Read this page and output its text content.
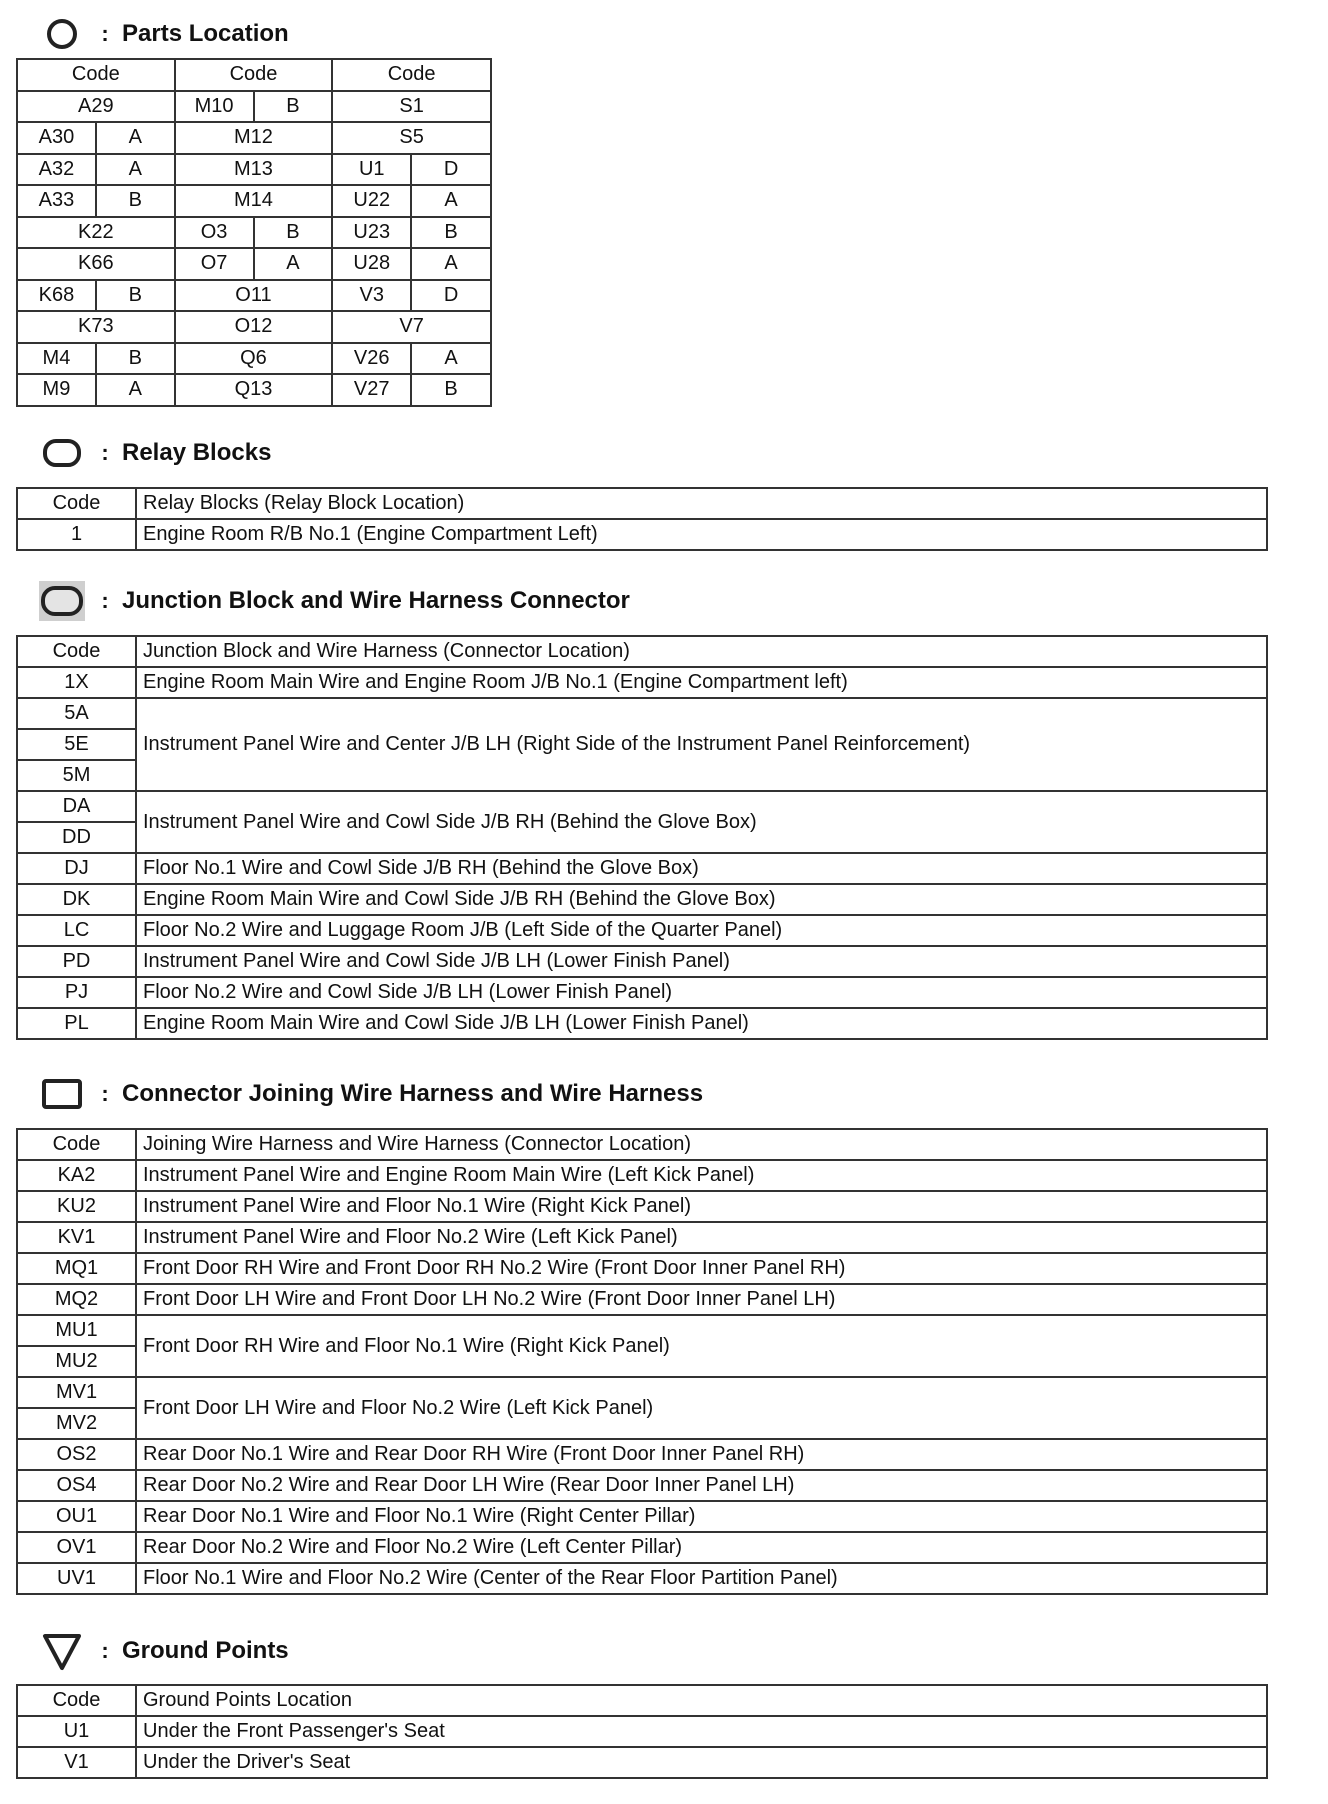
: Parts Location
Code		Code		Code	
A29		M10	B	S1	
A30	A	M12		S5	
A32	A	M13		U1	D
A33	B	M14		U22	A
K22		O3	B	U23	B
K66		O7	A	U28	A
K68	B	O11		V3	D
K73		O12		V7	
M4	B	Q6		V26	A
M9	A	Q13		V27	B
: Relay Blocks
Code	Relay Blocks (Relay Block Location)
1	Engine Room R/B No.1 (Engine Compartment Left)
: Junction Block and Wire Harness Connector
Code	Junction Block and Wire Harness (Connector Location)
1X	Engine Room Main Wire and Engine Room J/B No.1 (Engine Compartment left)
5A	Instrument Panel Wire and Center J/B LH (Right Side of the Instrument Panel Reinforcement)
5E	
5M	
DA	Instrument Panel Wire and Cowl Side J/B RH (Behind the Glove Box)
DD	
DJ	Floor No.1 Wire and Cowl Side J/B RH (Behind the Glove Box)
DK	Engine Room Main Wire and Cowl Side J/B RH (Behind the Glove Box)
LC	Floor No.2 Wire and Luggage Room J/B (Left Side of the Quarter Panel)
PD	Instrument Panel Wire and Cowl Side J/B LH (Lower Finish Panel)
PJ	Floor No.2 Wire and Cowl Side J/B LH (Lower Finish Panel)
PL	Engine Room Main Wire and Cowl Side J/B LH (Lower Finish Panel)
: Connector Joining Wire Harness and Wire Harness
Code	Joining Wire Harness and Wire Harness (Connector Location)
KA2	Instrument Panel Wire and Engine Room Main Wire (Left Kick Panel)
KU2	Instrument Panel Wire and Floor No.1 Wire (Right Kick Panel)
KV1	Instrument Panel Wire and Floor No.2 Wire (Left Kick Panel)
MQ1	Front Door RH Wire and Front Door RH No.2 Wire (Front Door Inner Panel RH)
MQ2	Front Door LH Wire and Front Door LH No.2 Wire (Front Door Inner Panel LH)
MU1	Front Door RH Wire and Floor No.1 Wire (Right Kick Panel)
MU2	
MV1	Front Door LH Wire and Floor No.2 Wire (Left Kick Panel)
MV2	
OS2	Rear Door No.1 Wire and Rear Door RH Wire (Front Door Inner Panel RH)
OS4	Rear Door No.2 Wire and Rear Door LH Wire (Rear Door Inner Panel LH)
OU1	Rear Door No.1 Wire and Floor No.1 Wire (Right Center Pillar)
OV1	Rear Door No.2 Wire and Floor No.2 Wire (Left Center Pillar)
UV1	Floor No.1 Wire and Floor No.2 Wire (Center of the Rear Floor Partition Panel)
: Ground Points
Code	Ground Points Location
U1	Under the Front Passenger's Seat
V1	Under the Driver's Seat
